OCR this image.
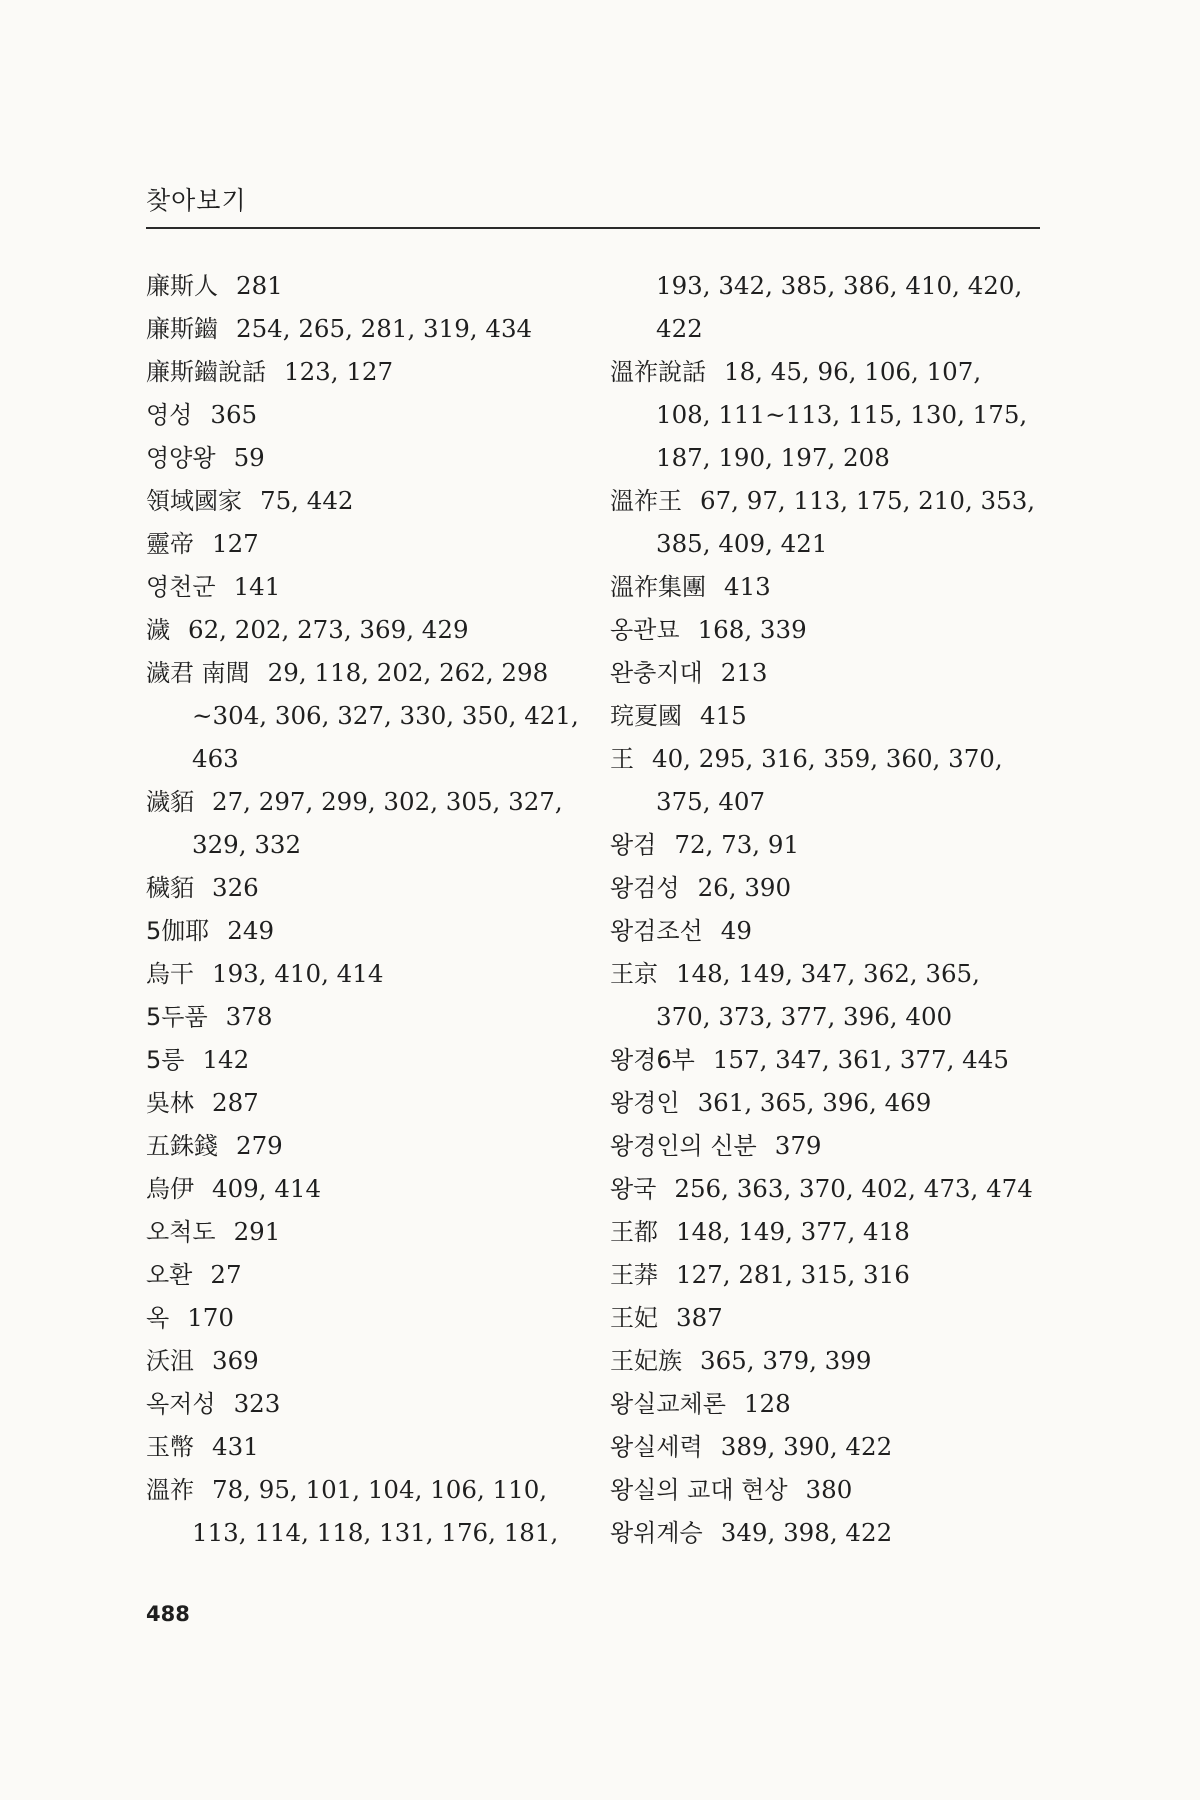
찾아보기
廉斯人 281
廉斯鑡 254, 265, 281, 319, 434
廉斯鑡說話 123, 127
영성 365
영양왕 59
領域國家 75, 442
靈帝 127
영천군 141
濊 62, 202, 273, 369, 429
濊君 南閭 29, 118, 202, 262, 298
~304, 306, 327, 330, 350, 421,
463
濊貊 27, 297, 299, 302, 305, 327,
329, 332
穢貊 326
5伽耶 249
烏干 193, 410, 414
5두품 378
5릉 142
吳林 287
五銖錢 279
烏伊 409, 414
오척도 291
오환 27
옥 170
沃沮 369
옥저성 323
玉幣 431
溫祚 78, 95, 101, 104, 106, 110,
113, 114, 118, 131, 176, 181,
193, 342, 385, 386, 410, 420,
422
溫祚說話 18, 45, 96, 106, 107,
108, 111~113, 115, 130, 175,
187, 190, 197, 208
溫祚王 67, 97, 113, 175, 210, 353,
385, 409, 421
溫祚集團 413
옹관묘 168, 339
완충지대 213
琓夏國 415
王 40, 295, 316, 359, 360, 370,
375, 407
왕검 72, 73, 91
왕검성 26, 390
왕검조선 49
王京 148, 149, 347, 362, 365,
370, 373, 377, 396, 400
왕경6부 157, 347, 361, 377, 445
왕경인 361, 365, 396, 469
왕경인의 신분 379
왕국 256, 363, 370, 402, 473, 474
王都 148, 149, 377, 418
王莽 127, 281, 315, 316
王妃 387
王妃族 365, 379, 399
왕실교체론 128
왕실세력 389, 390, 422
왕실의 교대 현상 380
왕위계승 349, 398, 422
488
